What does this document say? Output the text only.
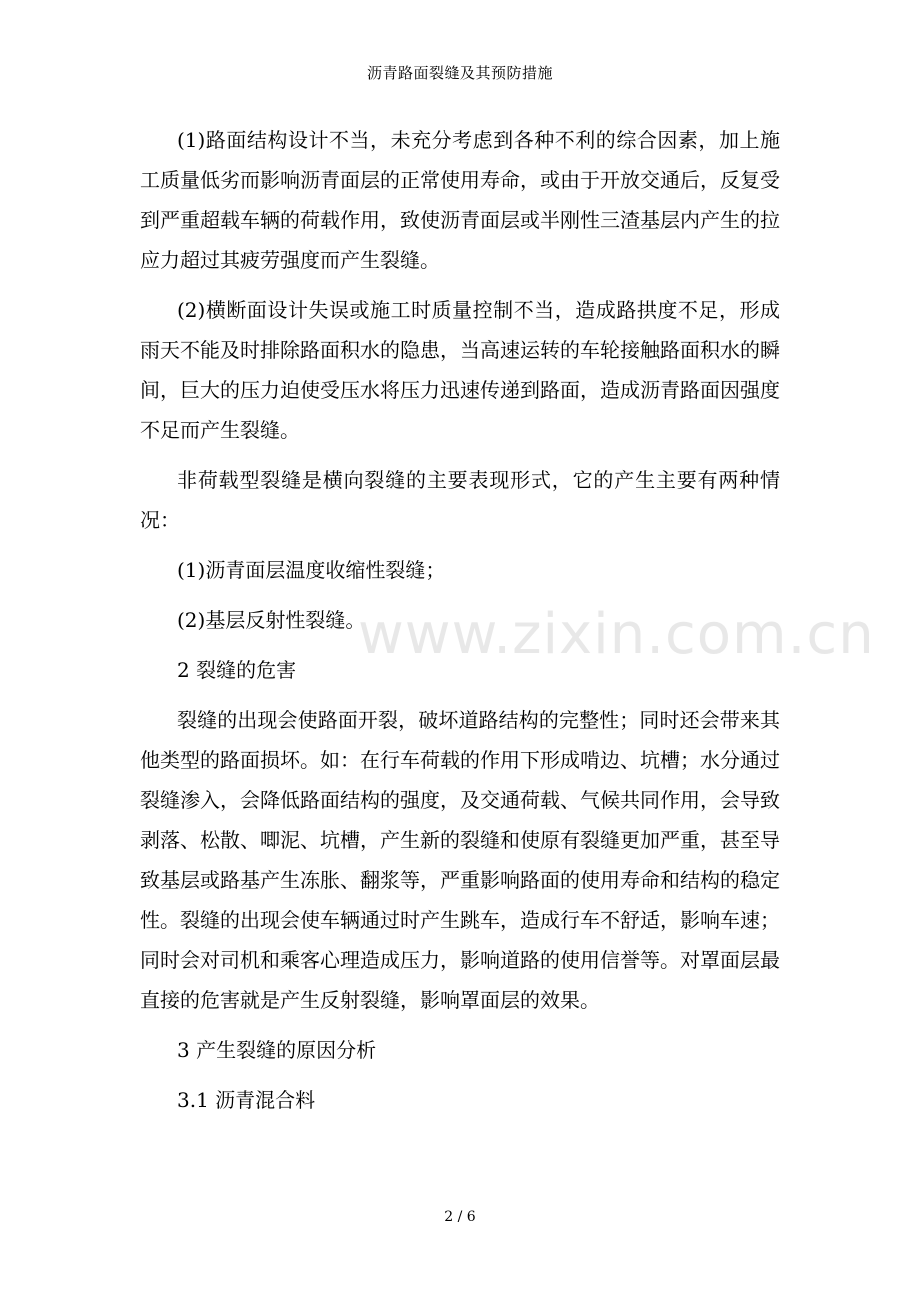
沥青路面裂缝及其预防措施

(1)路面结构设计不当，未充分考虑到各种不利的综合因素，加上施工质量低劣而影响沥青面层的正常使用寿命，或由于开放交通后，反复受到严重超载车辆的荷载作用，致使沥青面层或半刚性三渣基层内产生的拉应力超过其疲劳强度而产生裂缝。

(2)横断面设计失误或施工时质量控制不当，造成路拱度不足，形成雨天不能及时排除路面积水的隐患，当高速运转的车轮接触路面积水的瞬间，巨大的压力迫使受压水将压力迅速传递到路面，造成沥青路面因强度不足而产生裂缝。

非荷载型裂缝是横向裂缝的主要表现形式，它的产生主要有两种情况：

(1)沥青面层温度收缩性裂缝；

(2)基层反射性裂缝。

2 裂缝的危害

裂缝的出现会使路面开裂，破坏道路结构的完整性；同时还会带来其他类型的路面损坏。如：在行车荷载的作用下形成啃边、坑槽；水分通过裂缝渗入，会降低路面结构的强度，及交通荷载、气候共同作用，会导致剥落、松散、唧泥、坑槽，产生新的裂缝和使原有裂缝更加严重，甚至导致基层或路基产生冻胀、翻浆等，严重影响路面的使用寿命和结构的稳定性。裂缝的出现会使车辆通过时产生跳车，造成行车不舒适，影响车速；同时会对司机和乘客心理造成压力，影响道路的使用信誉等。对罩面层最直接的危害就是产生反射裂缝，影响罩面层的效果。

3 产生裂缝的原因分析

3.1 沥青混合料

www.zixin.com.cn
2 / 6
